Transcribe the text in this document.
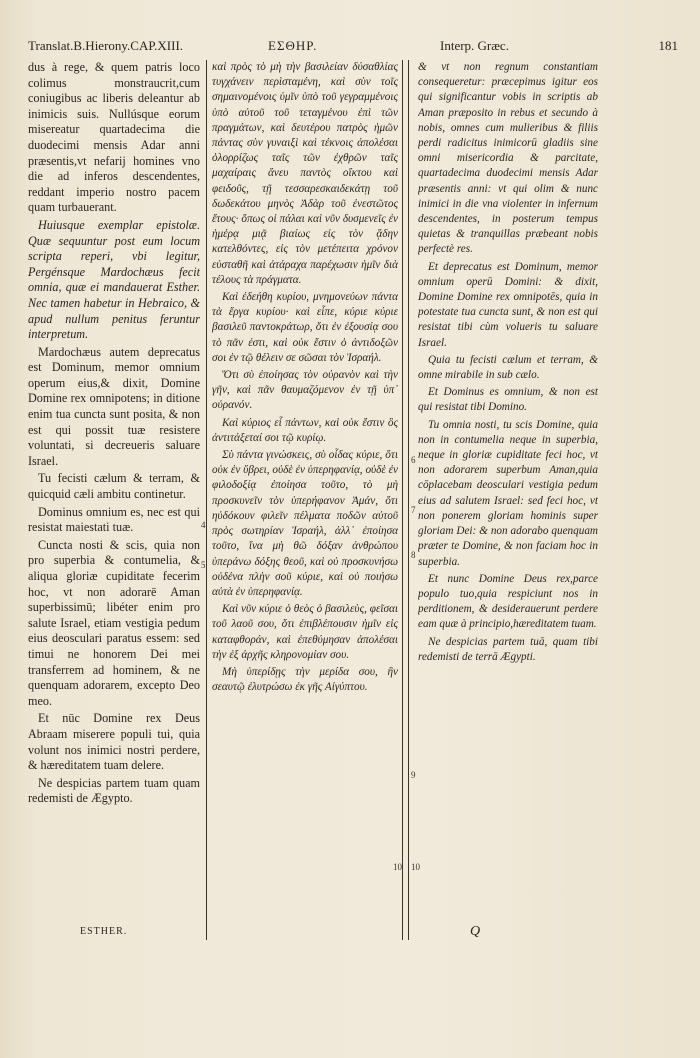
Translat.B.Hierony.CAP.XIII.	ΕΣΘΗΡ.	Interp. Græc.	181

dus à rege, & quem patris loco colimus monstraucrit,cum coniugibus ac liberis deleantur ab inimicis suis. Nullúsque eorum misereatur quartadecima die duodecimi mensis Adar anni præsentis,vt nefarij homines vno die ad inferos descendentes, reddant imperio nostro pacem quam turbauerant.

Huiusque exemplar epistolæ. Quæ sequuntur post eum locum scripta reperi, vbi legitur, Pergénsque Mardochæus fecit omnia, quæ ei mandauerat Esther. Nec tamen habetur in Hebraico, & apud nullum penitus feruntur interpretum.

Mardochæus autem deprecatus est Dominum, memor omnium operum eius,& dixit, Domine Domine rex omnipotens; in ditione enim tua cuncta sunt posita, & non est qui possit tuæ resistere voluntati, si decreueris saluare Israel.

Tu fecisti cælum & terram, & quicquid cæli ambitu continetur.

Dominus omnium es, nec est qui resistat maiestati tuæ.

Cuncta nosti & scis, quia non pro superbia & contumelia, & aliqua gloriæ cupiditate fecerim hoc, vt non adorarē Aman superbissimū; libéter enim pro salute Israel, etiam vestigia pedum eius deosculari paratus essem: sed timui ne honorem Dei mei transferrem ad hominem, & ne quenquam adorarem, excepto Deo meo.

Et nūc Domine rex Deus Abraam miserere populi tui, quia volunt nos inimici nostri perdere, & hæreditatem tuam delere.

Ne despicias partem tuam quam redemisti de Ægypto.

καὶ πρὸς τὸ μὴ τὴν βασιλείαν δύσαθλίας τυγχάνειν περὶσταμένη, καὶ σὺν τοῖς σημαινομένοις ὑμῖν ὑπὸ τοῦ γεγραμμένοις ὑπὸ αὐτοῦ τοῦ τεταγμένου ἐπὶ τῶν πραγμάτων, καὶ δευτέρου πατρὸς ἡμῶν πάντας σὺν γυναιξὶ καὶ τέκνοις ἀπολέσαι ὁλορρίζως ταῖς τῶν ἐχθρῶν ταῖς μαχαίραις ἄνευ παντὸς οἴκτου καὶ φειδοῦς, τῇ τεσσαρεσκαιδεκάτῃ τοῦ δωδεκάτου μηνὸς Ἀδὰρ τοῦ ἐνεστῶτος ἔτους· ὅπως οἱ πάλαι καὶ νῦν δυσμενεῖς ἐν ἡμέρᾳ μιᾷ βιαίως εἰς τὸν ᾅδην κατελθόντες, εἰς τὸν μετέπειτα χρόνον εὐσταθῆ καὶ ἀτάραχα παρέχωσιν ἡμῖν διὰ τέλους τὰ πράγματα.

Καὶ ἐδεήθη κυρίου, μνημονεύων πάντα τὰ ἔργα κυρίου· καὶ εἶπε, κύριε κύριε βασιλεῦ παντοκράτωρ, ὅτι ἐν ἐξουσίᾳ σου τὸ πᾶν ἐστι, καὶ οὐκ ἔστιν ὁ ἀντιδοξῶν σοι ἐν τῷ θέλειν σε σῶσαι τὸν Ἰσραήλ.

Ὅτι σὺ ἐποίησας τὸν οὐρανὸν καὶ τὴν γῆν, καὶ πᾶν θαυμαζόμενον ἐν τῇ ὑπ᾽ οὐρανόν.

Καὶ κύριος εἶ πάντων, καὶ οὐκ ἔστιν ὃς ἀντιτάξεταί σοι τῷ κυρίῳ.

Σὺ πάντα γινώσκεις, σὺ οἶδας κύριε, ὅτι οὐκ ἐν ὕβρει, οὐδὲ ἐν ὑπερηφανίᾳ, οὐδὲ ἐν φιλοδοξίᾳ ἐποίησα τοῦτο, τὸ μὴ προσκυνεῖν τὸν ὑπερήφανον Ἀμάν, ὅτι ηὐδόκουν φιλεῖν πέλματα ποδῶν αὐτοῦ πρὸς σωτηρίαν Ἰσραήλ, ἀλλ᾽ ἐποίησα τοῦτο, ἵνα μὴ θῶ δόξαν ἀνθρώπου ὑπεράνω δόξης θεοῦ, καὶ οὐ προσκυνήσω οὐδένα πλὴν σοῦ κύριε, καὶ οὐ ποιήσω αὐτὰ ἐν ὑπερηφανίᾳ.

Καὶ νῦν κύριε ὁ θεὸς ὁ βασιλεὺς, φεῖσαι τοῦ λαοῦ σου, ὅτι ἐπιβλέπουσιν ἡμῖν εἰς καταφθοράν, καὶ ἐπεθύμησαν ἀπολέσαι τὴν ἐξ ἀρχῆς κληρονομίαν σου.

Μὴ ὑπερίδῃς τὴν μερίδα σου, ἣν σεαυτῷ ἐλυτρώσω ἐκ γῆς Αἰγύπτου.

& vt non regnum constantiam consequeretur: præcepimus igitur eos qui significantur vobis in scriptis ab Aman præposito in rebus et secundo à nobis, omnes cum mulieribus & filiis perdi radicitus inimicorū gladiis sine omni misericordia & parcitate, quartadecima duodecimi mensis Adar præsentis anni: vt qui olim & nunc inimici in die vna violenter in infernum descendentes, in posterum tempus quietas & tranquillas præbeant nobis perfectè res.

Et deprecatus est Dominum, memor omnium operū Domini: & dixit, Domine Domine rex omnipotēs, quia in potestate tua cuncta sunt, & non est qui resistat tibi cùm volueris tu saluare Israel.

Quia tu fecisti cælum et terram, & omne mirabile in sub cælo.

Et Dominus es omnium, & non est qui resistat tibi Domino.

Tu omnia nosti, tu scis Domine, quia non in contumelia neque in superbia, neque in gloriæ cupiditate feci hoc, vt non adorarem superbum Aman,quia cōplacebam deosculari vestigia pedum eius ad salutem Israel: sed feci hoc, vt non ponerem gloriam hominis super gloriam Dei: & non adorabo quenquam præter te Domine, & non faciam hoc in superbia.

Et nunc Domine Deus rex,parce populo tuo,quia respiciunt nos in perditionem, & desiderauerunt perdere eam quæ à principio,hæreditatem tuam.

Ne despicias partem tuā, quam tibi redemisti de terrā Ægypti.

4
5
6
7
8
9
10 10
ESTHER.	Q
